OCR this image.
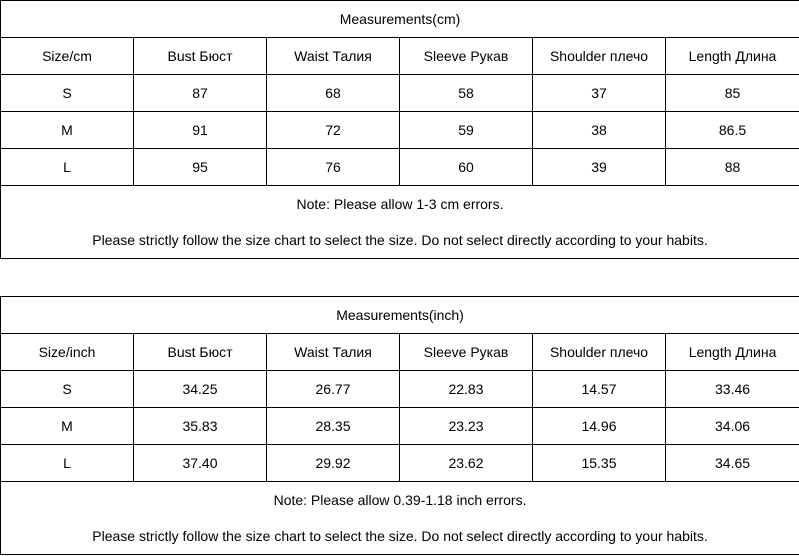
Measurements(cm)					
Size/cm	Bust Бюст	Waist Талия	Sleeve Рукав	Shoulder плечо	Length Длина
S	87	68	58	37	85
M	91	72	59	38	86.5
L	95	76	60	39	88

Note: Please allow 1-3 cm errors.
Please strictly follow the size chart to select the size. Do not select directly according to your habits.					
Measurements(inch)					
Size/inch	Bust Бюст	Waist Талия	Sleeve Рукав	Shoulder плечо	Length Длина
S	34.25	26.77	22.83	14.57	33.46
M	35.83	28.35	23.23	14.96	34.06
L	37.40	29.92	23.62	15.35	34.65

Note: Please allow 0.39-1.18 inch errors.
Please strictly follow the size chart to select the size. Do not select directly according to your habits.					
